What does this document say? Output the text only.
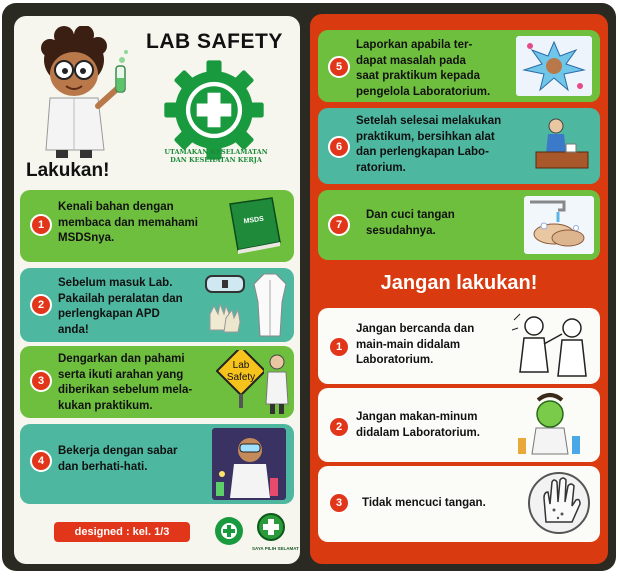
LAB SAFETY
UTAMAKAN KESELAMATAN
DAN KESEHATAN KERJA
Lakukan!
1
Kenali bahan dengan
membaca dan memahami
MSDSnya.
MSDS
2
Sebelum masuk Lab.
Pakailah peralatan dan
perlengkapan APD
anda!
3
Dengarkan dan pahami
serta ikuti arahan yang
diberikan sebelum mela-
kukan praktikum.
Lab
Safety
4
Bekerja dengan sabar
dan berhati-hati.
designed : kel. 1/3
SAYA PILIH SELAMAT
5
Laporkan apabila ter-
dapat masalah pada
saat praktikum kepada
pengelola Laboratorium.
6
Setelah selesai melakukan
praktikum, bersihkan alat
dan perlengkapan Labo-
ratorium.
7
Dan cuci tangan
sesudahnya.
Jangan lakukan!
1
Jangan bercanda dan
main-main didalam
Laboratorium.
2
Jangan makan-minum
didalam Laboratorium.
3	Tidak mencuci tangan.
